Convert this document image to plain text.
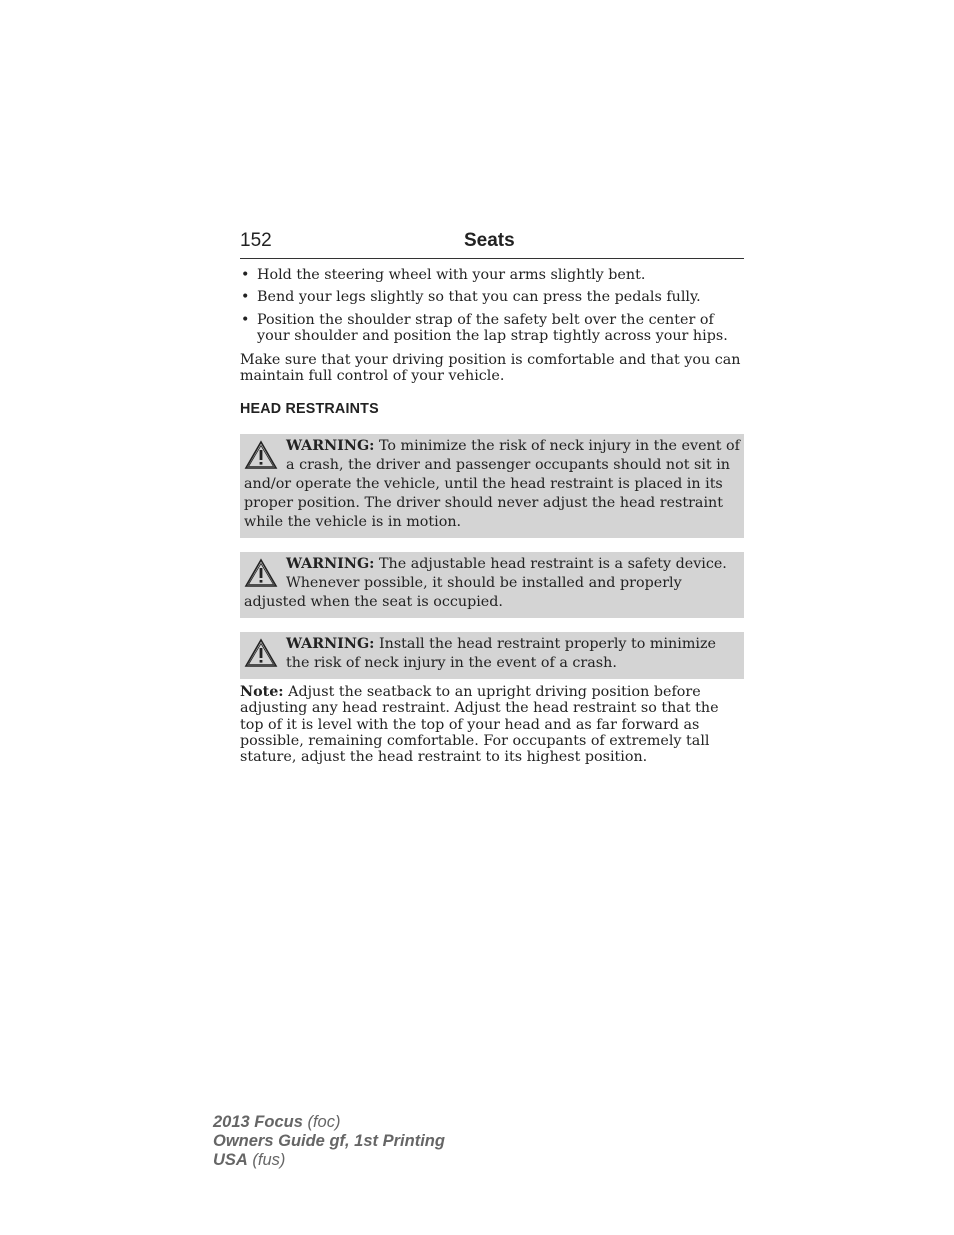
152	Seats
• Hold the steering wheel with your arms slightly bent.
• Bend your legs slightly so that you can press the pedals fully.
• Position the shoulder strap of the safety belt over the center of your shoulder and position the lap strap tightly across your hips.

Make sure that your driving position is comfortable and that you can maintain full control of your vehicle.

HEAD RESTRAINTS
WARNING: To minimize the risk of neck injury in the event of a crash, the driver and passenger occupants should not sit in and/or operate the vehicle, until the head restraint is placed in its proper position. The driver should never adjust the head restraint while the vehicle is in motion.
WARNING: The adjustable head restraint is a safety device. Whenever possible, it should be installed and properly adjusted when the seat is occupied.
WARNING: Install the head restraint properly to minimize the risk of neck injury in the event of a crash.

Note: Adjust the seatback to an upright driving position before adjusting any head restraint. Adjust the head restraint so that the top of it is level with the top of your head and as far forward as possible, remaining comfortable. For occupants of extremely tall stature, adjust the head restraint to its highest position.

2013 Focus (foc)
Owners Guide gf, 1st Printing
USA (fus)
